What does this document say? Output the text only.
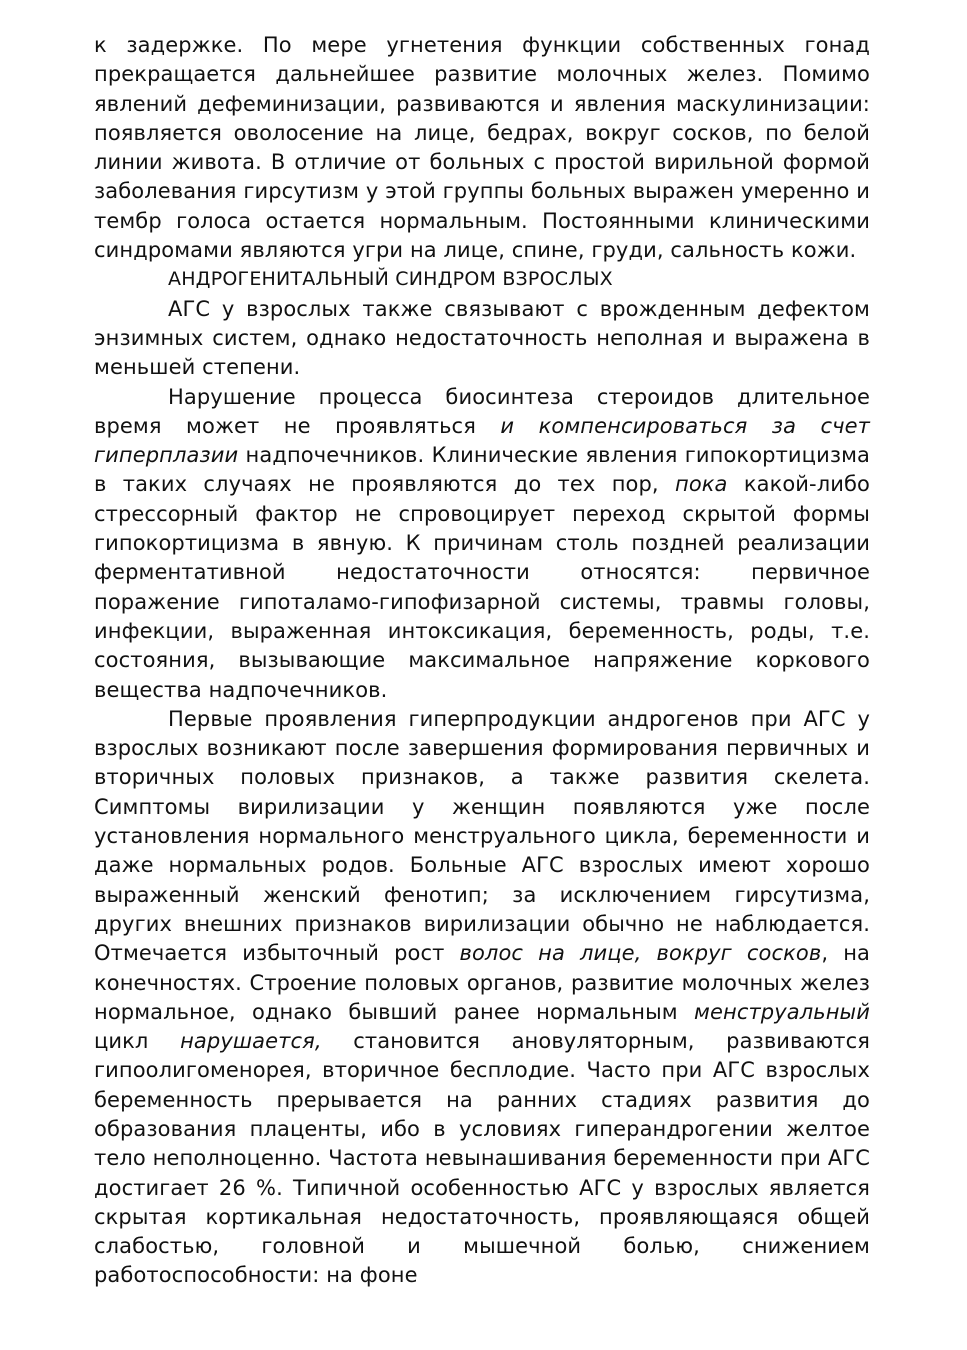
к задержке. По мере угнетения функции собственных гонад прекращается дальнейшее развитие молочных желез. Помимо явлений дефеминизации, развиваются и явления маскулинизации: появляется оволосение на лице, бедрах, вокруг сосков, по белой линии живота. В отличие от больных с простой вирильной формой заболевания гирсутизм у этой группы больных выражен умеренно и тембр голоса остается нормальным. Постоянными клиническими синдромами являются угри на лице, спине, груди, сальность кожи.

АНДРОГЕНИТАЛЬНЫЙ СИНДРОМ ВЗРОСЛЫХ

АГС у взрослых также связывают с врожденным дефектом энзимных систем, однако недостаточность неполная и выражена в меньшей степени.

Нарушение процесса биосинтеза стероидов длительное время может не проявляться и компенсироваться за счет гиперплазии надпочечников. Клинические явления гипокортицизма в таких случаях не проявляются до тех пор, пока какой-либо стрессорный фактор не спровоцирует переход скрытой формы гипокортицизма в явную. К причинам столь поздней реализации ферментативной недостаточности относятся: первичное поражение гипоталамо-гипофизарной системы, травмы головы, инфекции, выраженная интоксикация, беременность, роды, т.е. состояния, вызывающие максимальное напряжение коркового вещества надпочечников.

Первые проявления гиперпродукции андрогенов при АГС у взрослых возникают после завершения формирования первичных и вторичных половых признаков, а также развития скелета. Симптомы вирилизации у женщин появляются уже после установления нормального менструального цикла, беременности и даже нормальных родов. Больные АГС взрослых имеют хорошо выраженный женский фенотип; за исключением гирсутизма, других внешних признаков вирилизации обычно не наблюдается. Отмечается избыточный рост волос на лице, вокруг сосков, на конечностях. Строение половых органов, развитие молочных желез нормальное, однако бывший ранее нормальным менструальный цикл нарушается, становится ановуляторным, развиваются гипоолигоменорея, вторичное бесплодие. Часто при АГС взрослых беременность прерывается на ранних стадиях развития до образования плаценты, ибо в условиях гиперандрогении желтое тело неполноценно. Частота невынашивания беременности при АГС достигает 26 %. Типичной особенностью АГС у взрослых является скрытая кортикальная недостаточность, проявляющаяся общей слабостью, головной и мышечной болью, снижением работоспособности: на фоне
